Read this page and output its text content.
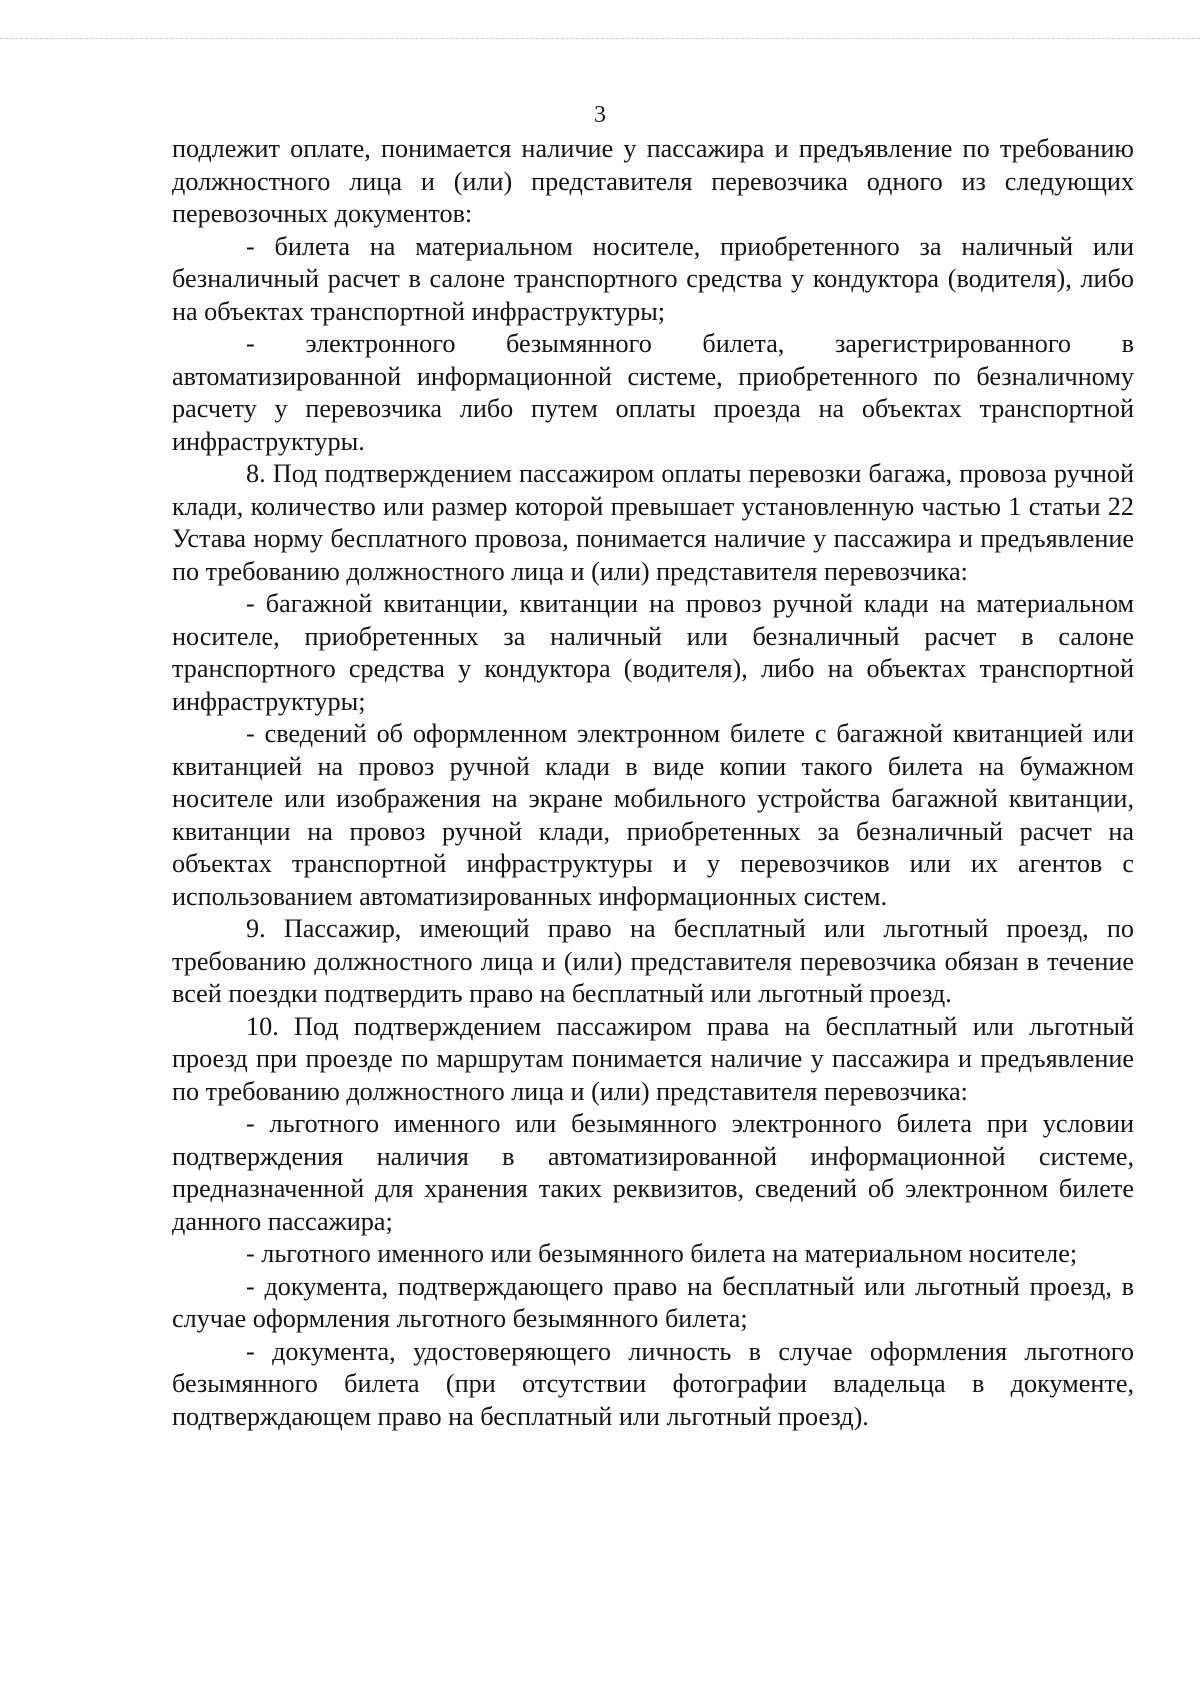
3

подлежит оплате, понимается наличие у пассажира и предъявление по требованию должностного лица и (или) представителя перевозчика одного из следующих перевозочных документов:

- билета на материальном носителе, приобретенного за наличный или безналичный расчет в салоне транспортного средства у кондуктора (водителя), либо на объектах транспортной инфраструктуры;

- электронного безымянного билета, зарегистрированного в автоматизированной информационной системе, приобретенного по безналичному расчету у перевозчика либо путем оплаты проезда на объектах транспортной инфраструктуры.

8. Под подтверждением пассажиром оплаты перевозки багажа, провоза ручной клади, количество или размер которой превышает установленную частью 1 статьи 22 Устава норму бесплатного провоза, понимается наличие у пассажира и предъявление по требованию должностного лица и (или) представителя перевозчика:

- багажной квитанции, квитанции на провоз ручной клади на материальном носителе, приобретенных за наличный или безналичный расчет в салоне транспортного средства у кондуктора (водителя), либо на объектах транспортной инфраструктуры;

- сведений об оформленном электронном билете с багажной квитанцией или квитанцией на провоз ручной клади в виде копии такого билета на бумажном носителе или изображения на экране мобильного устройства багажной квитанции, квитанции на провоз ручной клади, приобретенных за безналичный расчет на объектах транспортной инфраструктуры и у перевозчиков или их агентов с использованием автоматизированных информационных систем.

9. Пассажир, имеющий право на бесплатный или льготный проезд, по требованию должностного лица и (или) представителя перевозчика обязан в течение всей поездки подтвердить право на бесплатный или льготный проезд.

10. Под подтверждением пассажиром права на бесплатный или льготный проезд при проезде по маршрутам понимается наличие у пассажира и предъявление по требованию должностного лица и (или) представителя перевозчика:

- льготного именного или безымянного электронного билета при условии подтверждения наличия в автоматизированной информационной системе, предназначенной для хранения таких реквизитов, сведений об электронном билете данного пассажира;

- льготного именного или безымянного билета на материальном носителе;

- документа, подтверждающего право на бесплатный или льготный проезд, в случае оформления льготного безымянного билета;

- документа, удостоверяющего личность в случае оформления льготного безымянного билета (при отсутствии фотографии владельца в документе, подтверждающем право на бесплатный или льготный проезд).
